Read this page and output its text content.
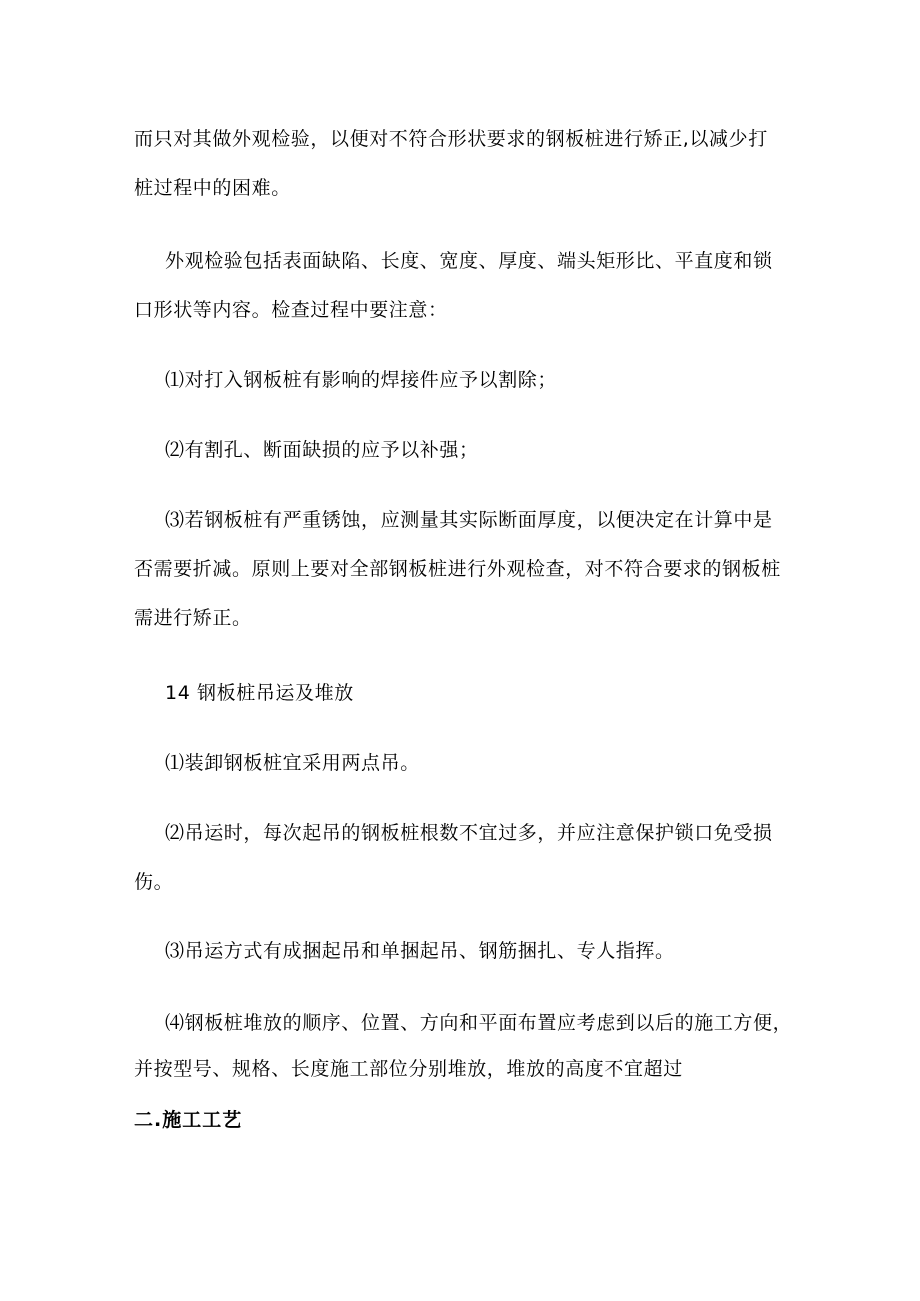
而只对其做外观检验，以便对不符合形状要求的钢板桩进行矫正,以减少打
桩过程中的困难。
外观检验包括表面缺陷、长度、宽度、厚度、端头矩形比、平直度和锁
口形状等内容。检查过程中要注意：
⑴对打入钢板桩有影响的焊接件应予以割除；
⑵有割孔、断面缺损的应予以补强；
⑶若钢板桩有严重锈蚀，应测量其实际断面厚度，以便决定在计算中是
否需要折减。原则上要对全部钢板桩进行外观检查，对不符合要求的钢板桩
需进行矫正。
14 钢板桩吊运及堆放
⑴装卸钢板桩宜采用两点吊。
⑵吊运时，每次起吊的钢板桩根数不宜过多，并应注意保护锁口免受损
伤。
⑶吊运方式有成捆起吊和单捆起吊、钢筋捆扎、专人指挥。
⑷钢板桩堆放的顺序、位置、方向和平面布置应考虑到以后的施工方便，
并按型号、规格、长度施工部位分别堆放，堆放的高度不宜超过
二.施工工艺
